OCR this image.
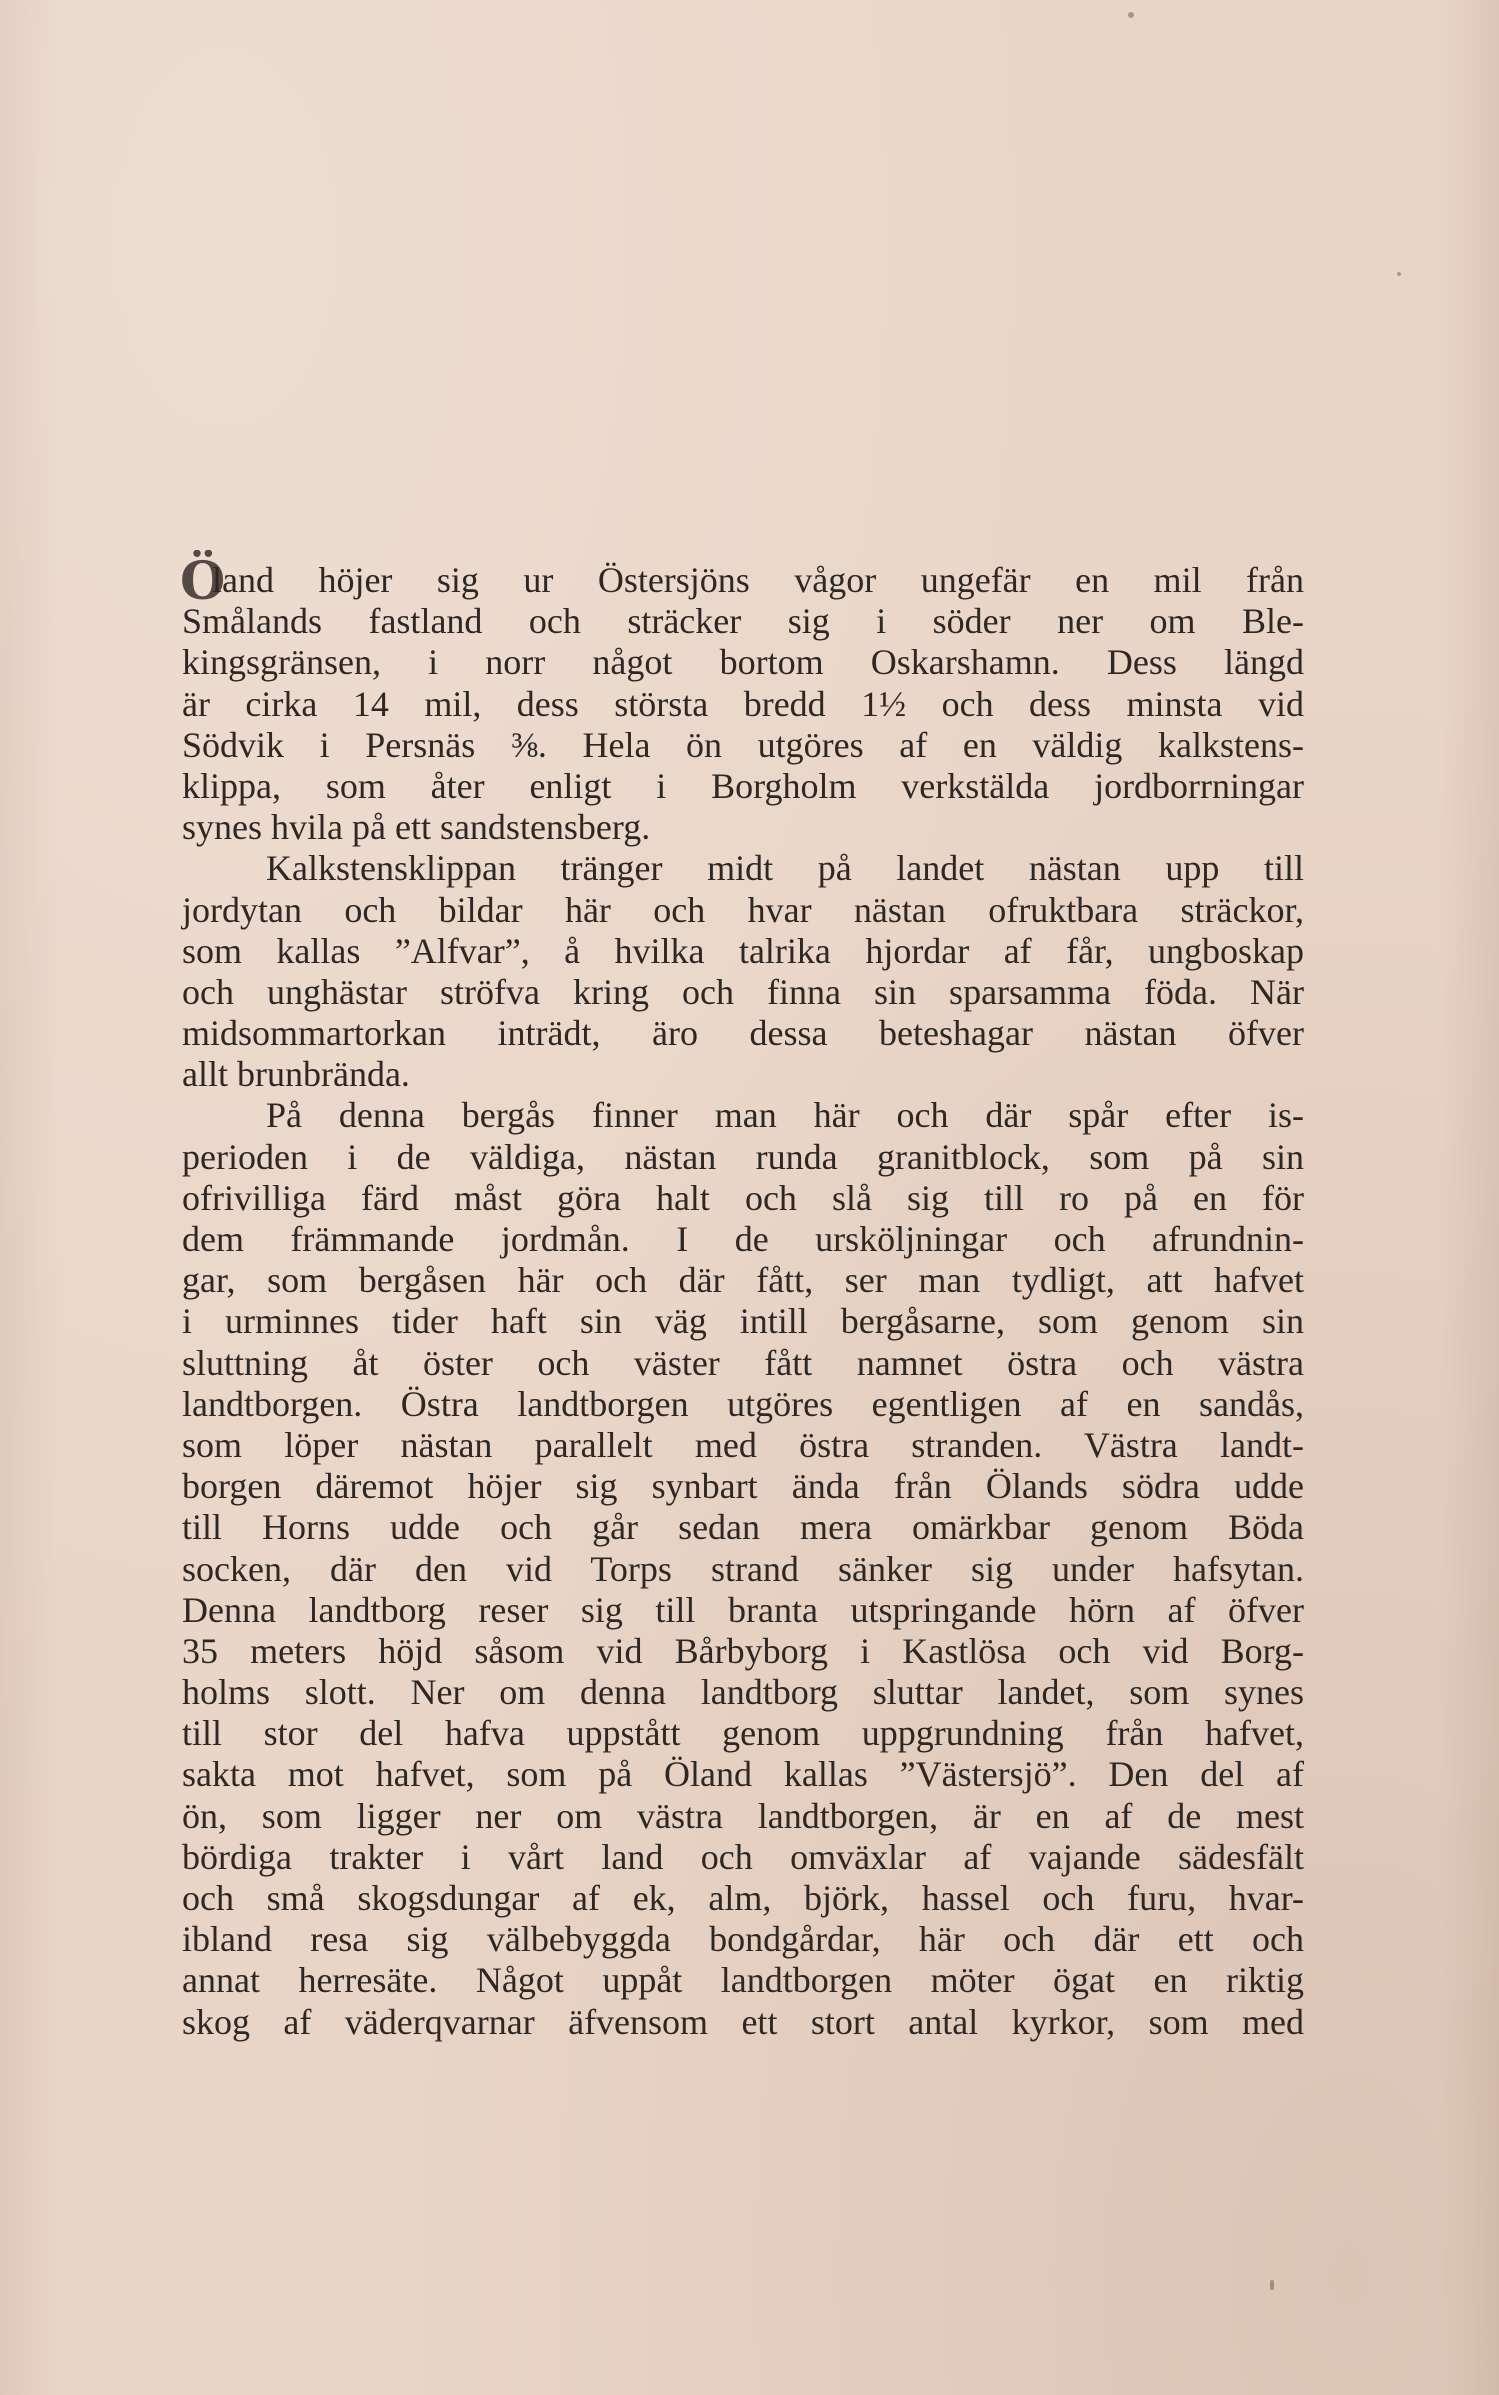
Ö
land höjer sig ur Östersjöns vågor ungefär en mil från
Smålands fastland och sträcker sig i söder ner om Ble-
kingsgränsen, i norr något bortom Oskarshamn. Dess längd
är cirka 14 mil, dess största bredd 1½ och dess minsta vid
Södvik i Persnäs ⅜. Hela ön utgöres af en väldig kalkstens-
klippa, som åter enligt i Borgholm verkstälda jordborrningar
synes hvila på ett sandstensberg.
Kalkstensklippan tränger midt på landet nästan upp till
jordytan och bildar här och hvar nästan ofruktbara sträckor,
som kallas ”Alfvar”, å hvilka talrika hjordar af får, ungboskap
och unghästar ströfva kring och finna sin sparsamma föda. När
midsommartorkan inträdt, äro dessa beteshagar nästan öfver
allt brunbrända.
På denna bergås finner man här och där spår efter is-
perioden i de väldiga, nästan runda granitblock, som på sin
ofrivilliga färd måst göra halt och slå sig till ro på en för
dem främmande jordmån. I de ursköljningar och afrundnin-
gar, som bergåsen här och där fått, ser man tydligt, att hafvet
i urminnes tider haft sin väg intill bergåsarne, som genom sin
sluttning åt öster och väster fått namnet östra och västra
landtborgen. Östra landtborgen utgöres egentligen af en sandås,
som löper nästan parallelt med östra stranden. Västra landt-
borgen däremot höjer sig synbart ända från Ölands södra udde
till Horns udde och går sedan mera omärkbar genom Böda
socken, där den vid Torps strand sänker sig under hafsytan.
Denna landtborg reser sig till branta utspringande hörn af öfver
35 meters höjd såsom vid Bårbyborg i Kastlösa och vid Borg-
holms slott. Ner om denna landtborg sluttar landet, som synes
till stor del hafva uppstått genom uppgrundning från hafvet,
sakta mot hafvet, som på Öland kallas ”Västersjö”. Den del af
ön, som ligger ner om västra landtborgen, är en af de mest
bördiga trakter i vårt land och omväxlar af vajande sädesfält
och små skogsdungar af ek, alm, björk, hassel och furu, hvar-
ibland resa sig välbebyggda bondgårdar, här och där ett och
annat herresäte. Något uppåt landtborgen möter ögat en riktig
skog af väderqvarnar äfvensom ett stort antal kyrkor, som med
